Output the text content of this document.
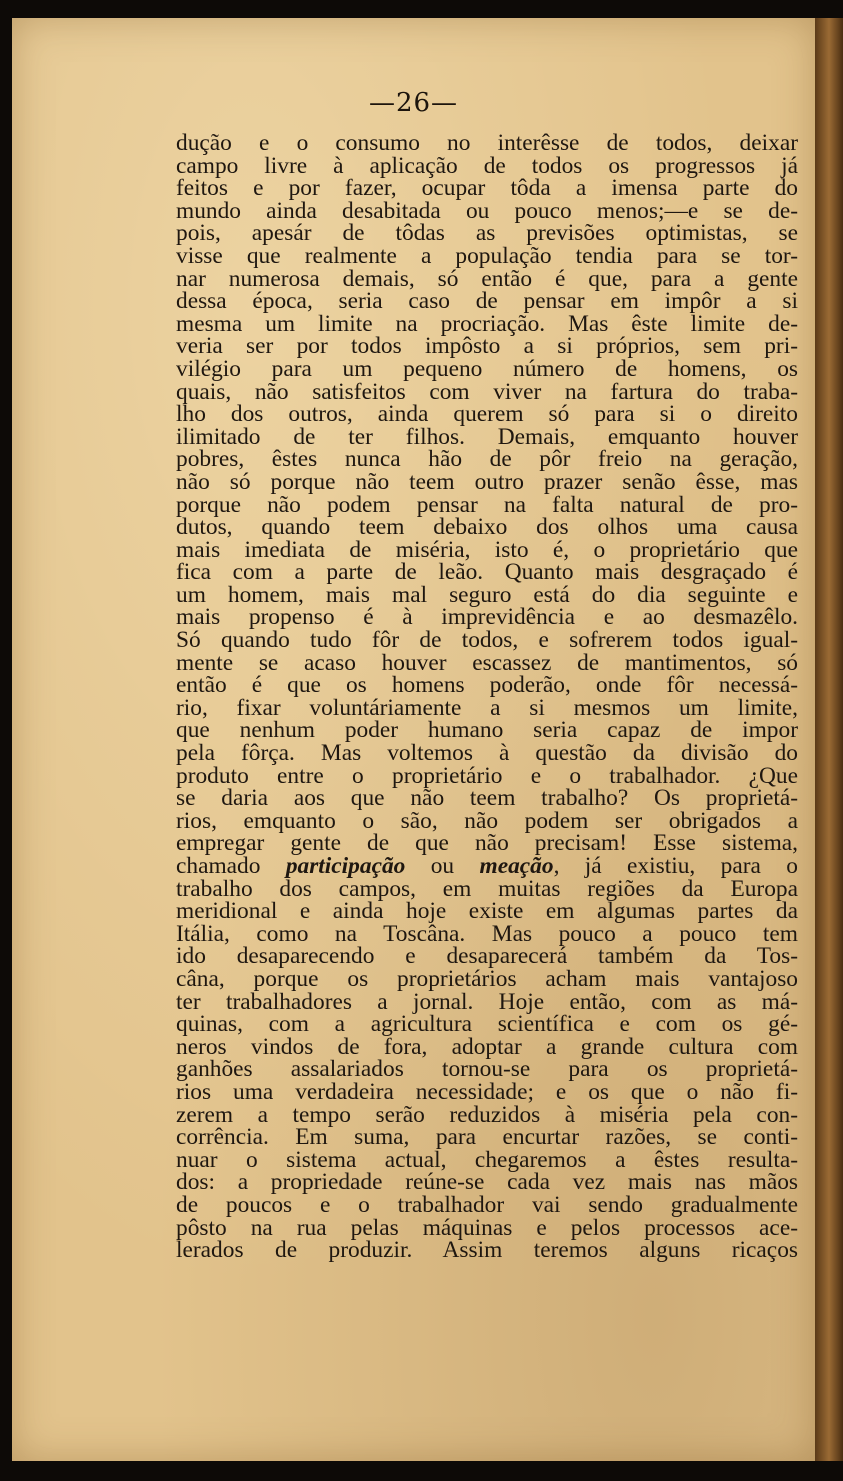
—26—
dução e o consumo no interêsse de todos, deixar
campo livre à aplicação de todos os progressos já
feitos e por fazer, ocupar tôda a imensa parte do
mundo ainda desabitada ou pouco menos;—e se de-
pois, apesár de tôdas as previsões optimistas, se
visse que realmente a população tendia para se tor-
nar numerosa demais, só então é que, para a gente
dessa época, seria caso de pensar em impôr a si
mesma um limite na procriação. Mas êste limite de-
veria ser por todos impôsto a si próprios, sem pri-
vilégio para um pequeno número de homens, os
quais, não satisfeitos com viver na fartura do traba-
lho dos outros, ainda querem só para si o direito
ilimitado de ter filhos. Demais, emquanto houver
pobres, êstes nunca hão de pôr freio na geração,
não só porque não teem outro prazer senão êsse, mas
porque não podem pensar na falta natural de pro-
dutos, quando teem debaixo dos olhos uma causa
mais imediata de miséria, isto é, o proprietário que
fica com a parte de leão. Quanto mais desgraçado é
um homem, mais mal seguro está do dia seguinte e
mais propenso é à imprevidência e ao desmazêlo.
Só quando tudo fôr de todos, e sofrerem todos igual-
mente se acaso houver escassez de mantimentos, só
então é que os homens poderão, onde fôr necessá-
rio, fixar voluntáriamente a si mesmos um limite,
que nenhum poder humano seria capaz de impor
pela fôrça. Mas voltemos à questão da divisão do
produto entre o proprietário e o trabalhador. ¿Que
se daria aos que não teem trabalho? Os proprietá-
rios, emquanto o são, não podem ser obrigados a
empregar gente de que não precisam! Esse sistema,
chamado participação ou meação, já existiu, para o
trabalho dos campos, em muitas regiões da Europa
meridional e ainda hoje existe em algumas partes da
Itália, como na Toscâna. Mas pouco a pouco tem
ido desaparecendo e desaparecerá também da Tos-
câna, porque os proprietários acham mais vantajoso
ter trabalhadores a jornal. Hoje então, com as má-
quinas, com a agricultura scientífica e com os gé-
neros vindos de fora, adoptar a grande cultura com
ganhões assalariados tornou-se para os proprietá-
rios uma verdadeira necessidade; e os que o não fi-
zerem a tempo serão reduzidos à miséria pela con-
corrência. Em suma, para encurtar razões, se conti-
nuar o sistema actual, chegaremos a êstes resulta-
dos: a propriedade reúne-se cada vez mais nas mãos
de poucos e o trabalhador vai sendo gradualmente
pôsto na rua pelas máquinas e pelos processos ace-
lerados de produzir. Assim teremos alguns ricaços
